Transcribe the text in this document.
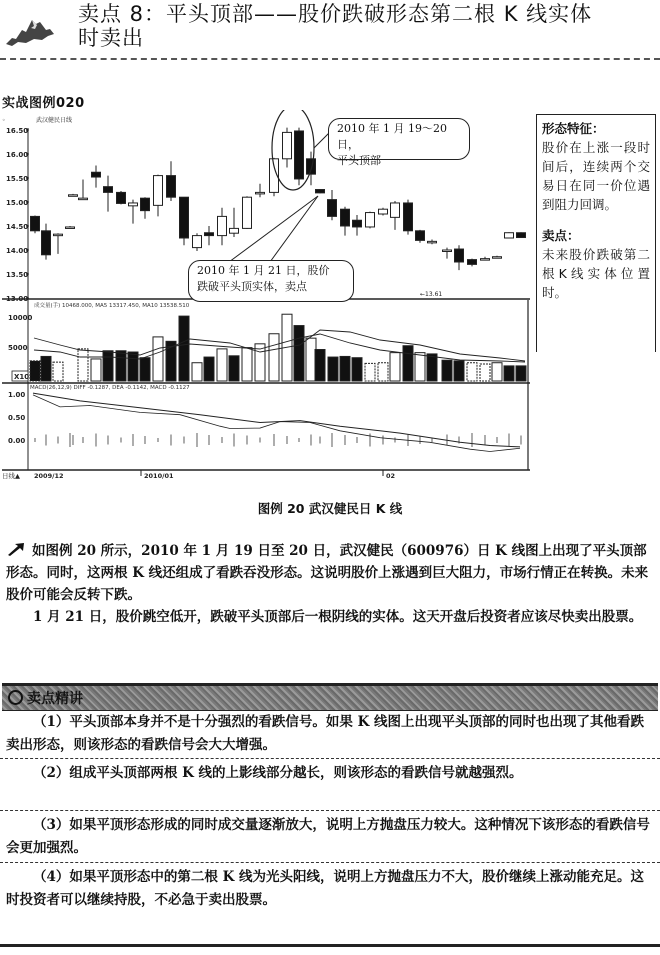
卖点 8：平头顶部——股价跌破形态第二根 K 线实体
时卖出
实战图例020
16.50
16.00
15.50
15.00
14.50
14.00
13.50
13.00
武汉健民日线
◦
成交量(手) 10468.000, MA5 13317.450, MA10 13538.510
10000
5000
X10
MACD(26,12,9) DIFF -0.1287, DEA -0.1142, MACD -0.1127
1.00
0.50
0.00
日线▲ 2009/12	2010/01	02
←13.61
2010 年 1 月 19～20 日，
平头顶部
2010 年 1 月 21 日，股价
跌破平头顶实体，卖点

形态特征：

股价在上涨一段时间后，连续两个交易日在同一价位遇到阻力回调。

卖点：

未来股价跌破第二根K线实体位置时。

图例 20 武汉健民日 K 线

如图例 20 所示，2010 年 1 月 19 日至 20 日，武汉健民（600976）日 K 线图上出现了平头顶部形态。同时，这两根 K 线还组成了看跌吞没形态。这说明股价上涨遇到巨大阻力，市场行情正在转换。未来股价可能会反转下跌。

1 月 21 日，股价跳空低开，跌破平头顶部后一根阴线的实体。这天开盘后投资者应该尽快卖出股票。

卖点精讲

（1）平头顶部本身并不是十分强烈的看跌信号。如果 K 线图上出现平头顶部的同时也出现了其他看跌卖出形态，则该形态的看跌信号会大大增强。

（2）组成平头顶部两根 K 线的上影线部分越长，则该形态的看跌信号就越强烈。

（3）如果平顶形态形成的同时成交量逐渐放大，说明上方抛盘压力较大。这种情况下该形态的看跌信号会更加强烈。

（4）如果平顶形态中的第二根 K 线为光头阳线，说明上方抛盘压力不大，股价继续上涨动能充足。这时投资者可以继续持股，不必急于卖出股票。
